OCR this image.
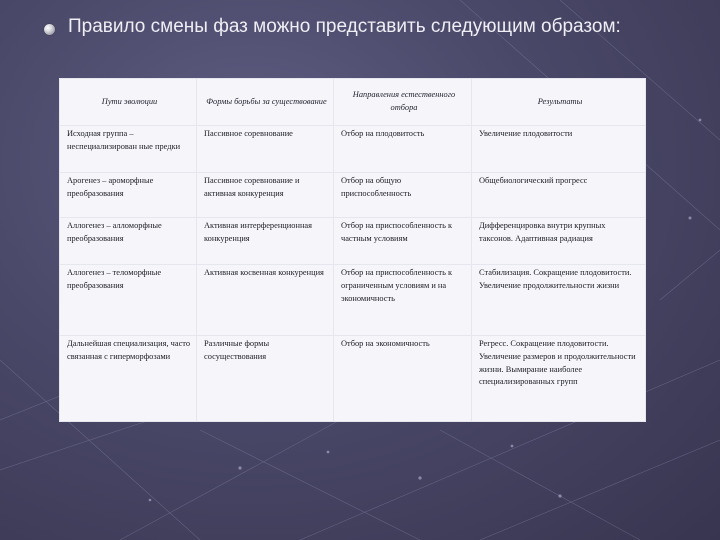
Правило смены фаз можно представить следующим образом:
Пути эволюции	Формы борьбы за существование	Направления естественного отбора	Результаты
Исходная группа – неспециализирован ные предки	Пассивное соревнование	Отбор на плодовитость	Увеличение плодовитости
Арогенез – ароморфные преобразования	Пассивное соревнование и активная конкуренция	Отбор на общую приспособленность	Общебиологический прогресс
Аллогенез – алломорфные преобразования	Активная интерференционная конкуренция	Отбор на приспособленность к частным условиям	Дифференцировка внутри крупных таксонов. Адаптивная радиация
Аллогенез – теломорфные преобразования	Активная косвенная конкуренция	Отбор на приспособленность к ограниченным условиям и на экономичность	Стабилизация. Сокращение плодовитости. Увеличение продолжительности жизни
Дальнейшая специализация, часто связанная с гиперморфозами	Различные формы сосуществования	Отбор на экономичность	Регресс. Сокращение плодовитости. Увеличение размеров и продолжительности жизни. Вымирание наиболее специализированных групп
